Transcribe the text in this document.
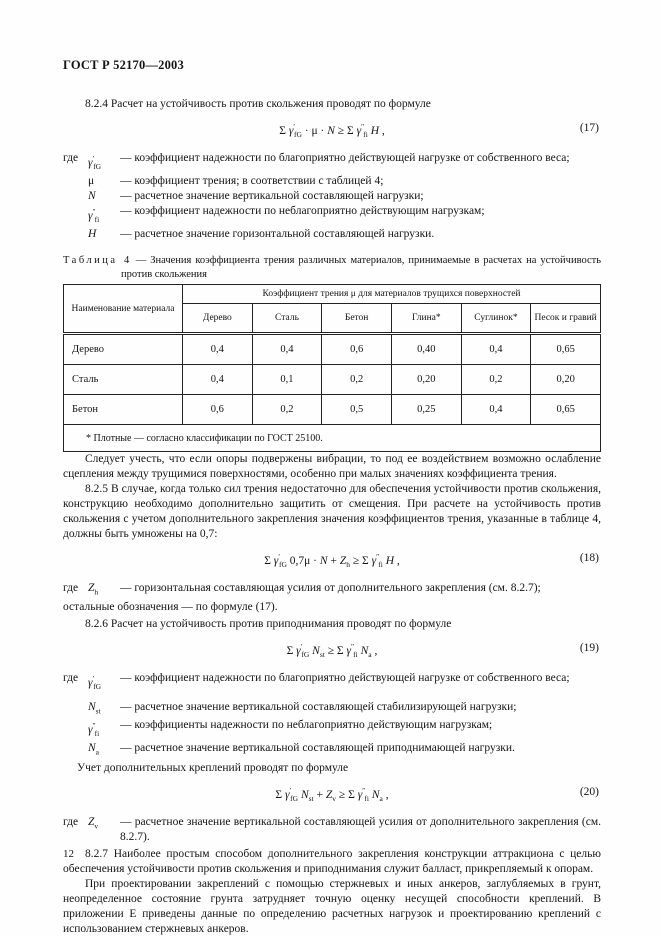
ГОСТ Р 52170—2003

8.2.4 Расчет на устойчивость против скольжения проводят по формуле

Σ $\gamma'_{fG} \cdot \mu \cdot N \ge \Sigma$ $\gamma''_{fi}$ H ,	(17)
где $\gamma'_{fG}$
— коэффициент надежности по благоприятно действующей нагрузке от собственного веса;
μ	— коэффициент трения; в соответствии с таблицей 4;
N	— расчетное значение вертикальной составляющей нагрузки;
$\gamma''_{fi}$
— коэффициент надежности по неблагоприятно действующим нагрузкам;
H	— расчетное значение горизонтальной составляющей нагрузки.
Таблица 4 — Значения коэффициента трения различных материалов, принимаемые в расчетах на устойчивость против скольжения
Наименование материала	Коэффициент трения μ для материалов трущихся поверхностей					
	Дерево	Сталь	Бетон	Глина*	Суглинок*	Песок и гравий
Дерево	0,4	0,4	0,6	0,40	0,4	0,65
Сталь	0,4	0,1	0,2	0,20	0,2	0,20
Бетон	0,6	0,2	0,5	0,25	0,4	0,65
* Плотные — согласно классификации по ГОСТ 25100.						

Следует учесть, что если опоры подвержены вибрации, то под ее воздействием возможно ослабление сцепления между трущимися поверхностями, особенно при малых значениях коэффициента трения.

8.2.5 В случае, когда только сил трения недостаточно для обеспечения устойчивости против скольжения, конструкцию необходимо дополнительно защитить от смещения. При расчете на устойчивость против скольжения с учетом дополнительного закрепления значения коэффициентов трения, указанные в таблице 4, должны быть умножены на 0,7:

Σ $\gamma'_{fG}$ $0,7\mu \cdot N + Z_h \ge \Sigma$ $\gamma''_{fi}$ H ,	(18)
где $Z_h$	— горизонтальная составляющая усилия от дополнительного закрепления (см. 8.2.7);
остальные обозначения — по формуле (17).

8.2.6 Расчет на устойчивость против приподнимания проводят по формуле

Σ $\gamma'_{fG}$ $N_{st} \ge \Sigma$ $\gamma''_{fi}$ $N_a$ ,	(19)
где $\gamma'_{fG}$
— коэффициент надежности по благоприятно действующей нагрузке от собственного веса;
$N_{st}$	— расчетное значение вертикальной составляющей стабилизирующей нагрузки;
$\gamma''_{fi}$
— коэффициенты надежности по неблагоприятно действующим нагрузкам;
$N_a$	— расчетное значение вертикальной составляющей приподнимающей нагрузки.

Учет дополнительных креплений проводят по формуле

Σ $\gamma'_{fG}$ $N_{st} + Z_v \ge \Sigma$ $\gamma''_{fi}$ $N_a$ ,	(20)
где $Z_v$	— расчетное значение вертикальной составляющей усилия от дополнительного закрепления (см. 8.2.7).

8.2.7 Наиболее простым способом дополнительного закрепления конструкции аттракциона с целью обеспечения устойчивости против скольжения и приподнимания служит балласт, прикрепляемый к опорам.

При проектировании закреплений с помощью стержневых и иных анкеров, заглубляемых в грунт, неопределенное состояние грунта затрудняет точную оценку несущей способности креплений. В приложении Е приведены данные по определению расчетных нагрузок и проектированию креплений с использованием стержневых анкеров.

12
